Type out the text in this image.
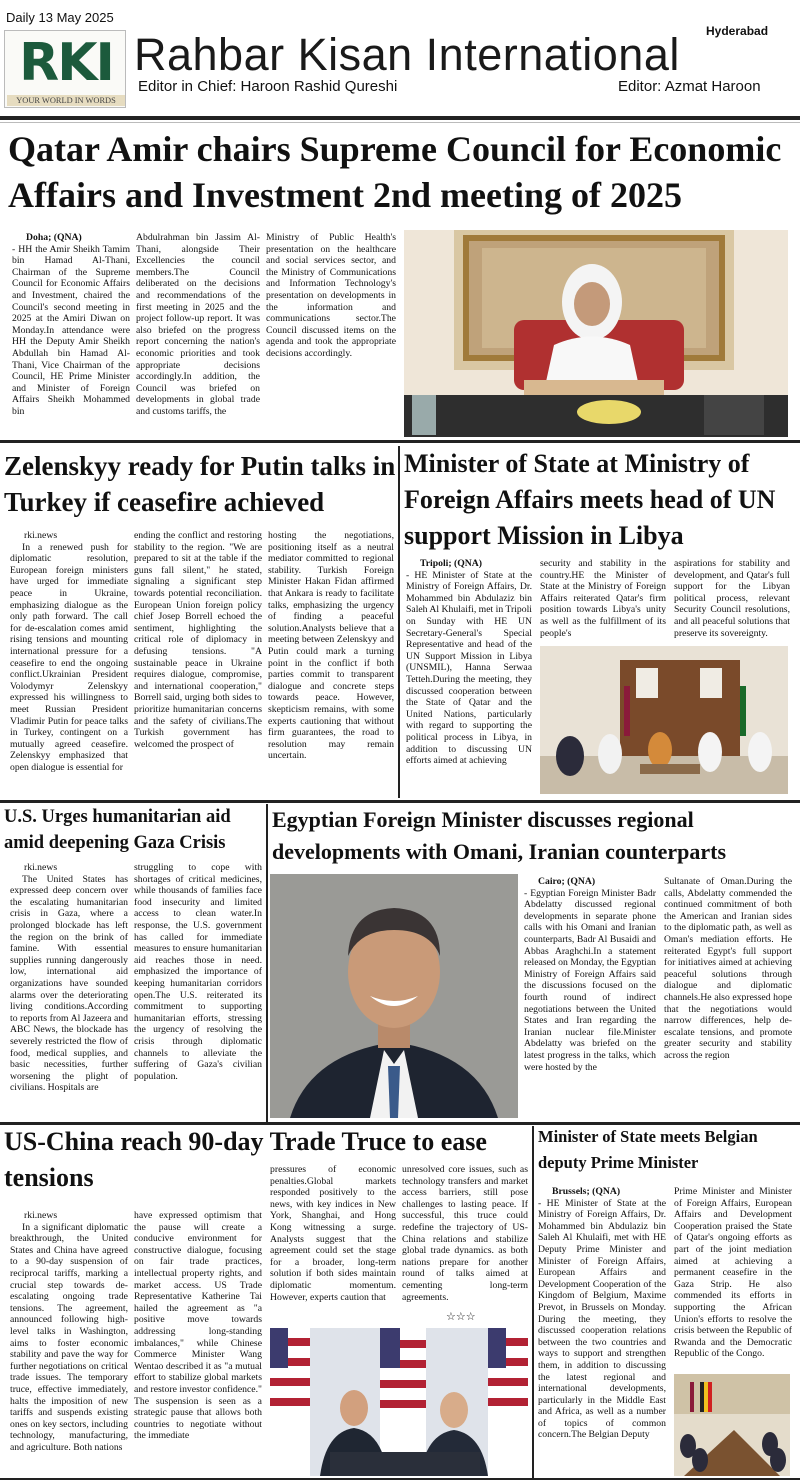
Daily 13 May 2025
Hyderabad
RKI
YOUR WORLD IN WORDS
Rahbar Kisan International
Editor in Chief: Haroon Rashid Qureshi	Editor: Azmat Haroon
Qatar Amir chairs Supreme Council for Economic Affairs and Investment 2nd meeting of 2025
Doha; (QNA)
- HH the Amir Sheikh Tamim bin Hamad Al-Thani, Chairman of the Supreme Council for Economic Affairs and Investment, chaired the Council's second meeting in 2025 at the Amiri Diwan on Monday.In attendance were HH the Deputy Amir Sheikh Abdullah bin Hamad Al-Thani, Vice Chairman of the Council, HE Prime Minister and Minister of Foreign Affairs Sheikh Mohammed bin
Abdulrahman bin Jassim Al-Thani, alongside Their Excellencies the council members.The Council deliberated on the decisions and recommendations of the first meeting in 2025 and the project follow-up report. It was also briefed on the progress report concerning the nation's economic priorities and took appropriate decisions accordingly.In addition, the Council was briefed on developments in global trade and customs tariffs, the
Ministry of Public Health's presentation on the healthcare and social services sector, and the Ministry of Communications and Information Technology's presentation on developments in the information and communications sector.The Council discussed items on the agenda and took the appropriate decisions accordingly.
Zelenskyy ready for Putin talks in Turkey if ceasefire achieved
rki.news
In a renewed push for diplomatic resolution, European foreign ministers have urged for immediate peace in Ukraine, emphasizing dialogue as the only path forward. The call for de-escalation comes amid rising tensions and mounting international pressure for a ceasefire to end the ongoing conflict.Ukrainian President Volodymyr Zelenskyy expressed his willingness to meet Russian President Vladimir Putin for peace talks in Turkey, contingent on a mutually agreed ceasefire. Zelenskyy emphasized that open dialogue is essential for
ending the conflict and restoring stability to the region. "We are prepared to sit at the table if the guns fall silent," he stated, signaling a significant step towards potential reconciliation. European Union foreign policy chief Josep Borrell echoed the sentiment, highlighting the critical role of diplomacy in defusing tensions. "A sustainable peace in Ukraine requires dialogue, compromise, and international cooperation," Borrell said, urging both sides to prioritize humanitarian concerns and the safety of civilians.The Turkish government has welcomed the prospect of
hosting the negotiations, positioning itself as a neutral mediator committed to regional stability. Turkish Foreign Minister Hakan Fidan affirmed that Ankara is ready to facilitate talks, emphasizing the urgency of finding a peaceful solution.Analysts believe that a meeting between Zelenskyy and Putin could mark a turning point in the conflict if both parties commit to transparent dialogue and concrete steps towards peace. However, skepticism remains, with some experts cautioning that without firm guarantees, the road to resolution may remain uncertain.
Minister of State at Ministry of Foreign Affairs meets head of UN support Mission in Libya
Tripoli; (QNA)
- HE Minister of State at the Ministry of Foreign Affairs, Dr. Mohammed bin Abdulaziz bin Saleh Al Khulaifi, met in Tripoli on Sunday with HE UN Secretary-General's Special Representative and head of the UN Support Mission in Libya (UNSMIL), Hanna Serwaa Tetteh.During the meeting, they discussed cooperation between the State of Qatar and the United Nations, particularly with regard to supporting the political process in Libya, in addition to discussing UN efforts aimed at achieving
security and stability in the country.HE the Minister of State at the Ministry of Foreign Affairs reiterated Qatar's firm position towards Libya's unity as well as the fulfillment of its people's
aspirations for stability and development, and Qatar's full support for the Libyan political process, relevant Security Council resolutions, and all peaceful solutions that preserve its sovereignty.
U.S. Urges humanitarian aid amid deepening Gaza Crisis
rki.news
The United States has expressed deep concern over the escalating humanitarian crisis in Gaza, where a prolonged blockade has left the region on the brink of famine. With essential supplies running dangerously low, international aid organizations have sounded alarms over the deteriorating living conditions.According to reports from Al Jazeera and ABC News, the blockade has severely restricted the flow of food, medical supplies, and basic necessities, further worsening the plight of civilians. Hospitals are
struggling to cope with shortages of critical medicines, while thousands of families face food insecurity and limited access to clean water.In response, the U.S. government has called for immediate measures to ensure humanitarian aid reaches those in need. emphasized the importance of keeping humanitarian corridors open.The U.S. reiterated its commitment to supporting humanitarian efforts, stressing the urgency of resolving the crisis through diplomatic channels to alleviate the suffering of Gaza's civilian population.
Egyptian Foreign Minister discusses regional developments with Omani, Iranian counterparts
Cairo; (QNA)
- Egyptian Foreign Minister Badr Abdelatty discussed regional developments in separate phone calls with his Omani and Iranian counterparts, Badr Al Busaidi and Abbas Araghchi.In a statement released on Monday, the Egyptian Ministry of Foreign Affairs said the discussions focused on the fourth round of indirect negotiations between the United States and Iran regarding the Iranian nuclear file.Minister Abdelatty was briefed on the latest progress in the talks, which were hosted by the
Sultanate of Oman.During the calls, Abdelatty commended the continued commitment of both the American and Iranian sides to the diplomatic path, as well as Oman's mediation efforts. He reiterated Egypt's full support for initiatives aimed at achieving peaceful solutions through dialogue and diplomatic channels.He also expressed hope that the negotiations would narrow differences, help de-escalate tensions, and promote greater security and stability across the region
US-China reach 90-day Trade Truce to ease tensions
rki.news
In a significant diplomatic breakthrough, the United States and China have agreed to a 90-day suspension of reciprocal tariffs, marking a crucial step towards de-escalating ongoing trade tensions. The agreement, announced following high-level talks in Washington, aims to foster economic stability and pave the way for further negotiations on critical trade issues. The temporary truce, effective immediately, halts the imposition of new tariffs and suspends existing ones on key sectors, including technology, manufacturing, and agriculture. Both nations
have expressed optimism that the pause will create a conducive environment for constructive dialogue, focusing on fair trade practices, intellectual property rights, and market access. US Trade Representative Katherine Tai hailed the agreement as "a positive move towards addressing long-standing imbalances," while Chinese Commerce Minister Wang Wentao described it as "a mutual effort to stabilize global markets and restore investor confidence." The suspension is seen as a strategic pause that allows both countries to negotiate without the immediate
pressures of economic penalties.Global markets responded positively to the news, with key indices in New York, Shanghai, and Hong Kong witnessing a surge. Analysts suggest that the agreement could set the stage for a broader, long-term solution if both sides maintain diplomatic momentum. However, experts caution that
unresolved core issues, such as technology transfers and market access barriers, still pose challenges to lasting peace. If successful, this truce could redefine the trajectory of US-China relations and stabilize global trade dynamics. as both nations prepare for another round of talks aimed at cementing long-term agreements.
☆☆☆
Minister of State meets Belgian deputy Prime Minister
Brussels; (QNA)
- HE Minister of State at the Ministry of Foreign Affairs, Dr. Mohammed bin Abdulaziz bin Saleh Al Khulaifi, met with HE Deputy Prime Minister and Minister of Foreign Affairs, European Affairs and Development Cooperation of the Kingdom of Belgium, Maxime Prevot, in Brussels on Monday. During the meeting, they discussed cooperation relations between the two countries and ways to support and strengthen them, in addition to discussing the latest regional and international developments, particularly in the Middle East and Africa, as well as a number of topics of common concern.The Belgian Deputy
Prime Minister and Minister of Foreign Affairs, European Affairs and Development Cooperation praised the State of Qatar's ongoing efforts as part of the joint mediation aimed at achieving a permanent ceasefire in the Gaza Strip. He also commended its efforts in supporting the African Union's efforts to resolve the crisis between the Republic of Rwanda and the Democratic Republic of the Congo.
